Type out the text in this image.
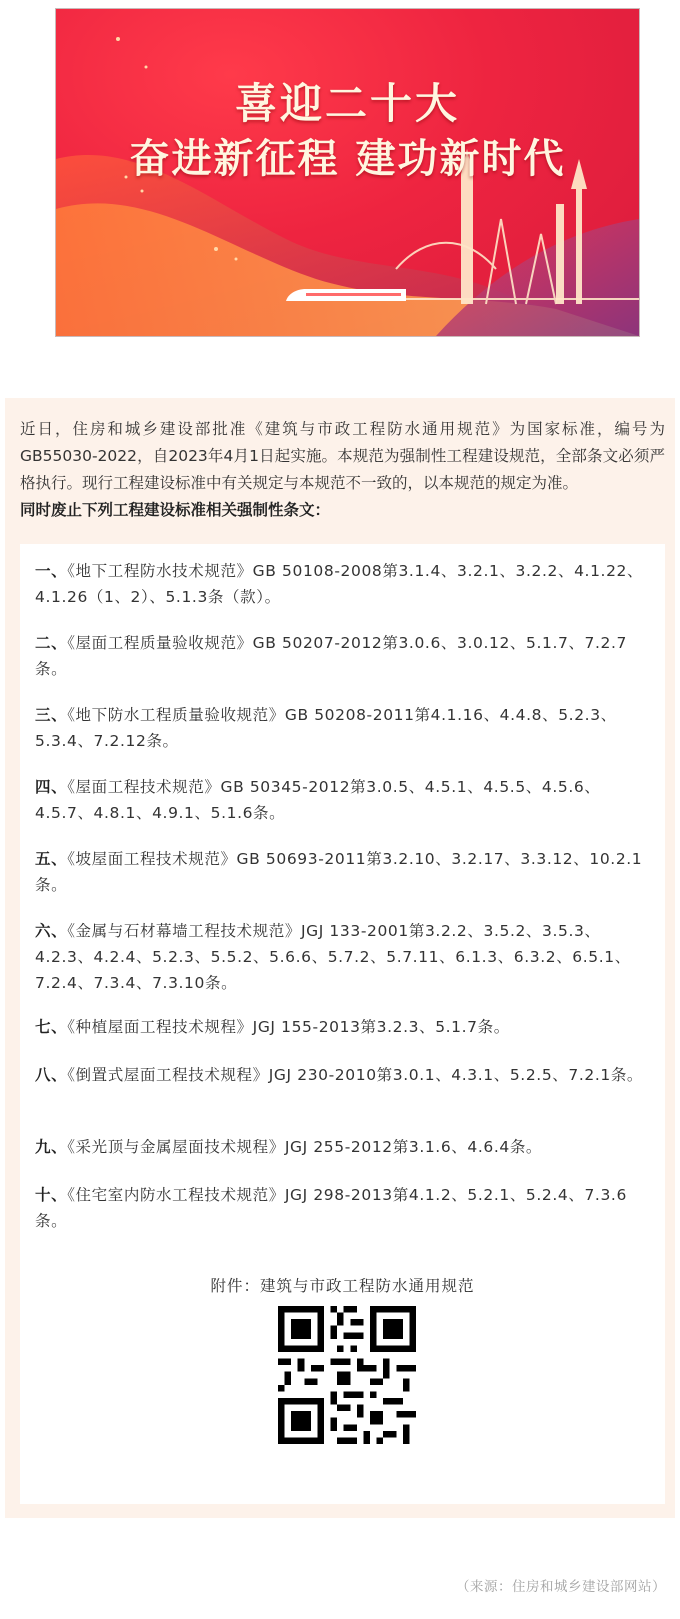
喜迎二十大
奋进新征程 建功新时代
近日，住房和城乡建设部批准《建筑与市政工程防水通用规范》为国家标准，编号为GB55030-2022，自2023年4月1日起实施。本规范为强制性工程建设规范，全部条文必须严格执行。现行工程建设标准中有关规定与本规范不一致的，以本规范的规定为准。
同时废止下列工程建设标准相关强制性条文：
一、《地下工程防水技术规范》GB 50108-2008第3.1.4、3.2.1、3.2.2、4.1.22、4.1.26（1、2）、5.1.3条（款）。
二、《屋面工程质量验收规范》GB 50207-2012第3.0.6、3.0.12、5.1.7、7.2.7条。
三、《地下防水工程质量验收规范》GB 50208-2011第4.1.16、4.4.8、5.2.3、5.3.4、7.2.12条。
四、《屋面工程技术规范》GB 50345-2012第3.0.5、4.5.1、4.5.5、4.5.6、4.5.7、4.8.1、4.9.1、5.1.6条。
五、《坡屋面工程技术规范》GB 50693-2011第3.2.10、3.2.17、3.3.12、10.2.1条。
六、《金属与石材幕墙工程技术规范》JGJ 133-2001第3.2.2、3.5.2、3.5.3、4.2.3、4.2.4、5.2.3、5.5.2、5.6.6、5.7.2、5.7.11、6.1.3、6.3.2、6.5.1、7.2.4、7.3.4、7.3.10条。
七、《种植屋面工程技术规程》JGJ 155-2013第3.2.3、5.1.7条。
八、《倒置式屋面工程技术规程》JGJ 230-2010第3.0.1、4.3.1、5.2.5、7.2.1条。
九、《采光顶与金属屋面技术规程》JGJ 255-2012第3.1.6、4.6.4条。
十、《住宅室内防水工程技术规范》JGJ 298-2013第4.1.2、5.2.1、5.2.4、7.3.6条。
附件：建筑与市政工程防水通用规范
（来源：住房和城乡建设部网站）
